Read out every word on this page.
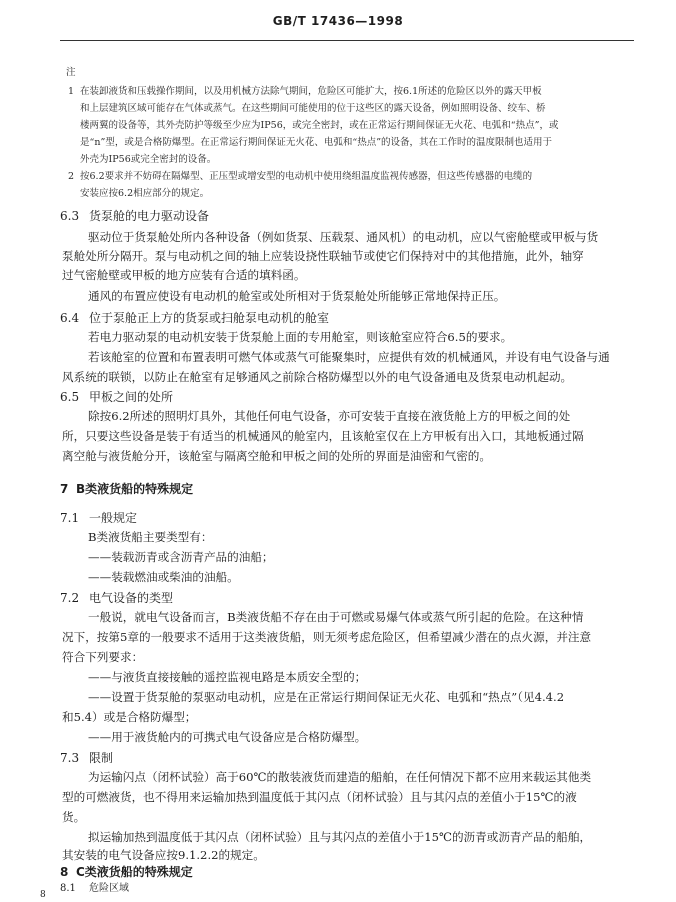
GB/T 17436—1998
注
1 在装卸液货和压载操作期间，以及用机械方法除气期间，危险区可能扩大，按6.1所述的危险区以外的露天甲板
和上层建筑区域可能存在气体或蒸气。在这些期间可能使用的位于这些区的露天设备，例如照明设备、绞车、桥
楼两翼的设备等，其外壳防护等级至少应为IP56，或完全密封，或在正常运行期间保证无火花、电弧和“热点”，或
是“n”型，或是合格防爆型。在正常运行期间保证无火花、电弧和“热点”的设备，其在工作时的温度限制也适用于
外壳为IP56或完全密封的设备。
2 按6.2要求并不妨碍在隔爆型、正压型或增安型的电动机中使用绕组温度监视传感器，但这些传感器的电缆的
安装应按6.2相应部分的规定。
6.3 货泵舱的电力驱动设备
驱动位于货泵舱处所内各种设备（例如货泵、压载泵、通风机）的电动机，应以气密舱壁或甲板与货
泵舱处所分隔开。泵与电动机之间的轴上应装设挠性联轴节或使它们保持对中的其他措施，此外，轴穿
过气密舱壁或甲板的地方应装有合适的填料函。
通风的布置应使设有电动机的舱室或处所相对于货泵舱处所能够正常地保持正压。
6.4 位于泵舱正上方的货泵或扫舱泵电动机的舱室
若电力驱动泵的电动机安装于货泵舱上面的专用舱室，则该舱室应符合6.5的要求。
若该舱室的位置和布置表明可燃气体或蒸气可能聚集时，应提供有效的机械通风，并设有电气设备与通
风系统的联锁，以防止在舱室有足够通风之前除合格防爆型以外的电气设备通电及货泵电动机起动。
6.5 甲板之间的处所
除按6.2所述的照明灯具外，其他任何电气设备，亦可安装于直接在液货舱上方的甲板之间的处
所，只要这些设备是装于有适当的机械通风的舱室内，且该舱室仅在上方甲板有出入口，其地板通过隔
离空舱与液货舱分开，该舱室与隔离空舱和甲板之间的处所的界面是油密和气密的。
7 B类液货船的特殊规定
7.1 一般规定
B类液货船主要类型有：
——装载沥青或含沥青产品的油船；
——装载燃油或柴油的油船。
7.2 电气设备的类型
一般说，就电气设备而言，B类液货船不存在由于可燃或易爆气体或蒸气所引起的危险。在这种情
况下，按第5章的一般要求不适用于这类液货船，则无须考虑危险区，但希望减少潜在的点火源，并注意
符合下列要求：
——与液货直接接触的遥控监视电路是本质安全型的；
——设置于货泵舱的泵驱动电动机，应是在正常运行期间保证无火花、电弧和“热点”（见4.4.2
和5.4）或是合格防爆型；
——用于液货舱内的可携式电气设备应是合格防爆型。
7.3 限制
为运输闪点（闭杯试验）高于60℃的散装液货而建造的船舶，在任何情况下都不应用来载运其他类
型的可燃液货，也不得用来运输加热到温度低于其闪点（闭杯试验）且与其闪点的差值小于15℃的液
货。
拟运输加热到温度低于其闪点（闭杯试验）且与其闪点的差值小于15℃的沥青或沥青产品的船舶，
其安装的电气设备应按9.1.2.2的规定。
8 C类液货船的特殊规定
8.1 危险区域
8
